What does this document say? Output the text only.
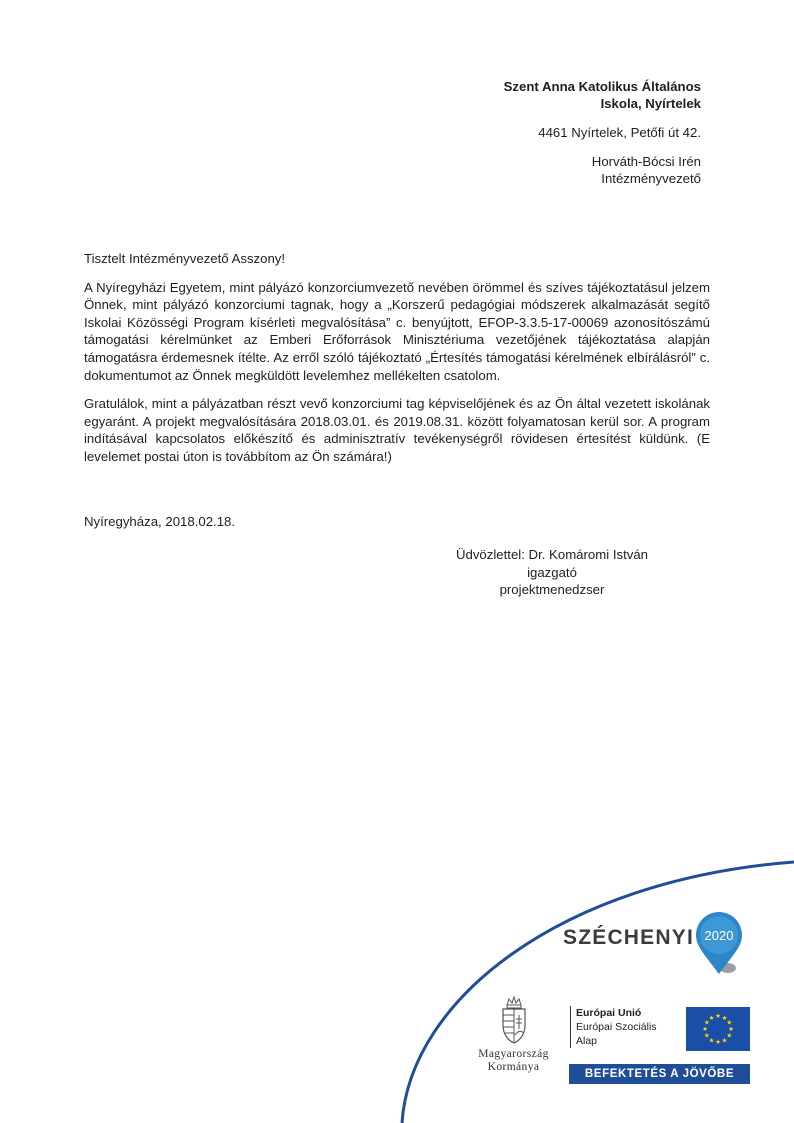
Szent Anna Katolikus Általános
Iskola, Nyírtelek
4461 Nyírtelek, Petőfi út 42.
Horváth-Bócsi Irén
Intézményvezető

Tisztelt Intézményvezető Asszony!

A Nyíregyházi Egyetem, mint pályázó konzorciumvezető nevében örömmel és szíves tájékoztatásul jelzem Önnek, mint pályázó konzorciumi tagnak, hogy a „Korszerű pedagógiai módszerek alkalmazását segítő Iskolai Közösségi Program kísérleti megvalósítása” c. benyújtott, EFOP-3.3.5-17-00069 azonosítószámú támogatási kérelmünket az Emberi Erőforrások Minisztériuma vezetőjének tájékoztatása alapján támogatásra érdemesnek ítélte. Az erről szóló tájékoztató „Értesítés támogatási kérelmének elbírálásról” c. dokumentumot az Önnek megküldött levelemhez mellékelten csatolom.

Gratulálok, mint a pályázatban részt vevő konzorciumi tag képviselőjének és az Ön által vezetett iskolának egyaránt. A projekt megvalósítására 2018.03.01. és 2019.08.31. között folyamatosan kerül sor. A program indításával kapcsolatos előkészítő és adminisztratív tevékenységről rövidesen értesítést küldünk. (E levelemet postai úton is továbbítom az Ön számára!)

Nyíregyháza, 2018.02.18.
Üdvözlettel: Dr. Komáromi István
igazgató
projektmenedzser
SZÉCHENYI 2020
Magyarország
Kormánya
Európai Unió
Európai Szociális
Alap
★ ★
★
★
★
★
★
★
★
★
★
★
BEFEKTETÉS A JÖVŐBE
